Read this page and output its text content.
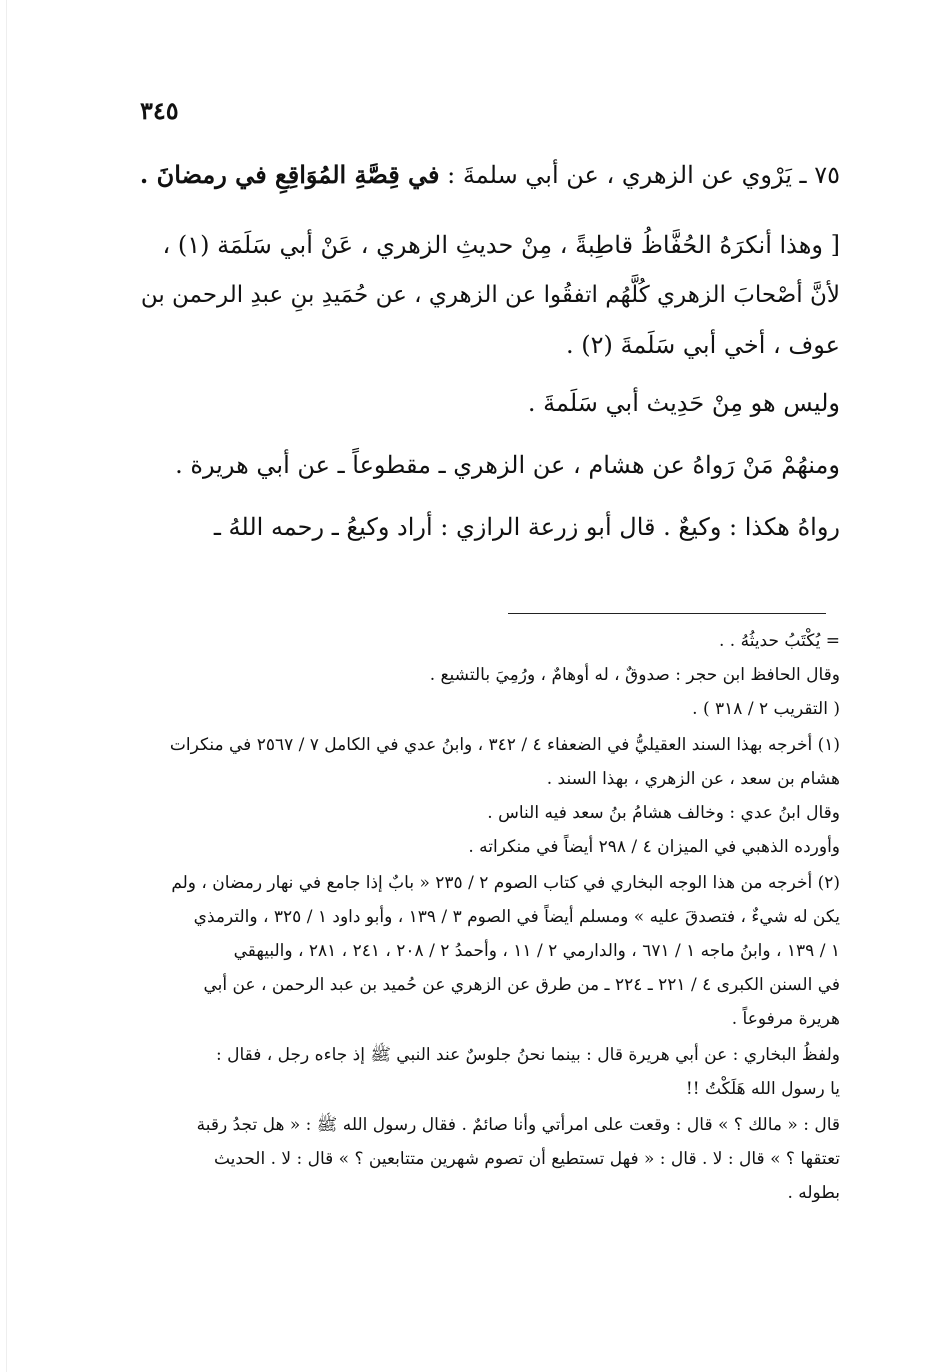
٣٤٥
٧٥ ـ يَرْوي عن الزهري ، عن أبي سلمةَ : في قِصَّةِ المُوَاقِعِ في رمضانَ .
[ وهذا أنكرَهُ الحُفَّاظُ قاطِبةً ، مِنْ حديثِ الزهري ، عَنْ أبي سَلَمَة (١) ،
لأنَّ أصْحابَ الزهري كُلَّهُم اتفقُوا عن الزهري ، عن حُمَيدِ بنِ عبدِ الرحمن بن
عوف ، أخي أبي سَلَمةَ (٢) .
وليس هو مِنْ حَدِيث أبي سَلَمةَ .
ومنهُمْ مَنْ رَواهُ عن هشام ، عن الزهري ـ مقطوعاً ـ عن أبي هريرة .
رواهُ هكذا : وكيعٌ . قال أبو زرعة الرازي : أراد وكيعُ ـ رحمه اللهُ ـ
= يُكْتَبُ حديثُهُ . .
وقال الحافظ ابن حجر : صدوقٌ ، له أوهامٌ ، ورُمِيَ بالتشيع .
( التقريب ٢ / ٣١٨ ) .
(١) أخرجه بهذا السند العقيليُّ في الضعفاء ٤ / ٣٤٢ ، وابنُ عدي في الكامل ٧ / ٢٥٦٧ في منكرات
هشام بن سعد ، عن الزهري ، بهذا السند .
وقال ابنُ عدي : وخالف هشامُ بنُ سعد فيه الناس .
وأورده الذهبي في الميزان ٤ / ٢٩٨ أيضاً في منكراته .
(٢) أخرجه من هذا الوجه البخاري في كتاب الصوم ٢ / ٢٣٥ « بابٌ إذا جامع في نهار رمضان ، ولم
يكن له شيءٌ ، فتصدقَ عليه » ومسلم أيضاً في الصوم ٣ / ١٣٩ ، وأبو داود ١ / ٣٢٥ ، والترمذي
١ / ١٣٩ ، وابنُ ماجه ١ / ٦٧١ ، والدارمي ٢ / ١١ ، وأحمدُ ٢ / ٢٠٨ ، ٢٤١ ، ٢٨١ ، والبيهقي
في السنن الكبرى ٤ / ٢٢١ ـ ٢٢٤ ـ من طرق عن الزهري عن حُميد بن عبد الرحمن ، عن أبي
هريرة مرفوعاً .
ولفظُ البخاري : عن أبي هريرة قال : بينما نحنُ جلوسٌ عند النبي ﷺ إذ جاءه رجل ، فقال :
يا رسول الله هَلَكْتُ !!
قال : « مالك ؟ » قال : وقعت على امرأتي وأنا صائمٌ . فقال رسول الله ﷺ : « هل تجدُ رقبة
تعتقها ؟ » قال : لا . قال : « فهل تستطيع أن تصوم شهرين متتابعين ؟ » قال : لا . الحديث
بطوله .
